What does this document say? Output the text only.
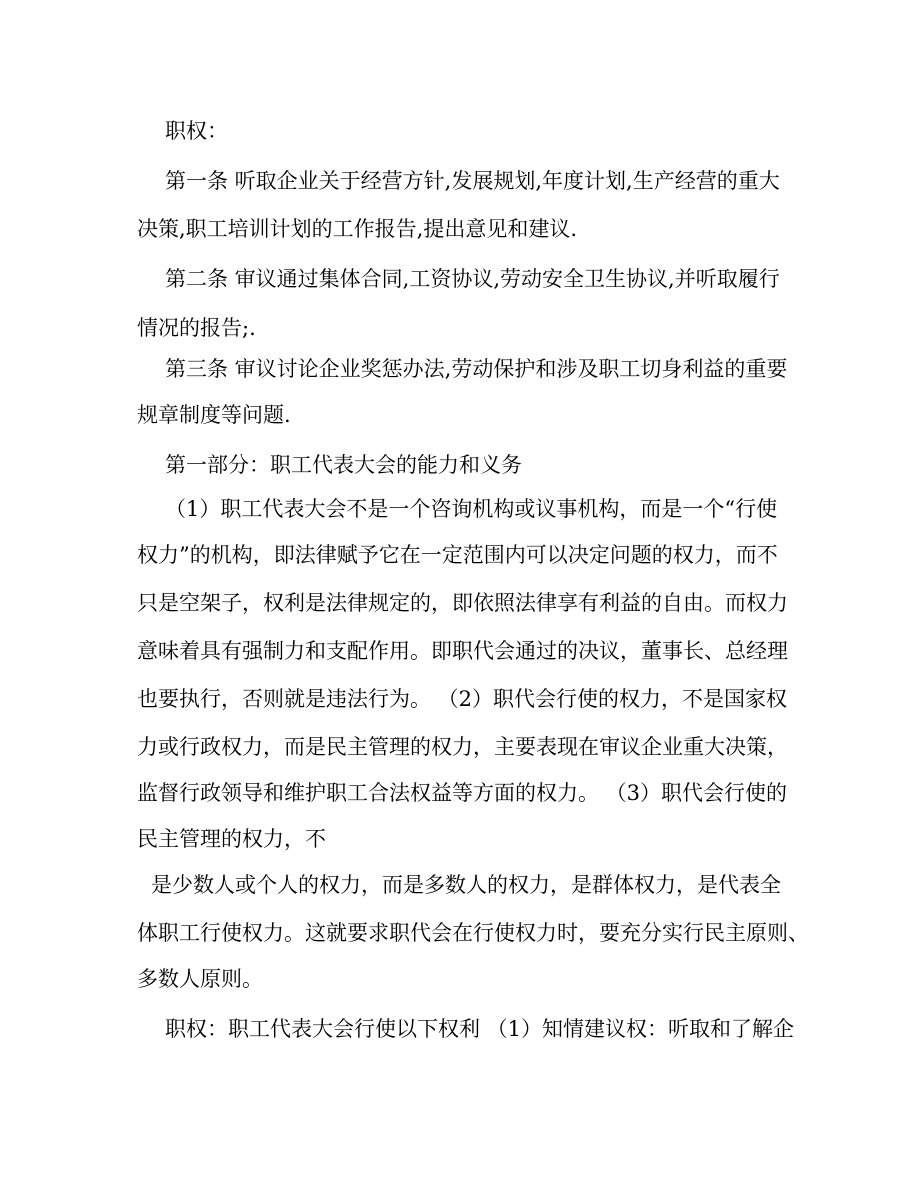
职权：
第一条 听取企业关于经营方针,发展规划,年度计划,生产经营的重大
决策,职工培训计划的工作报告,提出意见和建议.
第二条 审议通过集体合同,工资协议,劳动安全卫生协议,并听取履行
情况的报告;.
第三条 审议讨论企业奖惩办法,劳动保护和涉及职工切身利益的重要
规章制度等问题.
第一部分：职工代表大会的能力和义务
（1）职工代表大会不是一个咨询机构或议事机构，而是一个“行使
权力”的机构，即法律赋予它在一定范围内可以决定问题的权力，而不
只是空架子，权利是法律规定的，即依照法律享有利益的自由。而权力
意味着具有强制力和支配作用。即职代会通过的决议，董事长、总经理
也要执行，否则就是违法行为。 （2）职代会行使的权力，不是国家权
力或行政权力，而是民主管理的权力，主要表现在审议企业重大决策，
监督行政领导和维护职工合法权益等方面的权力。 （3）职代会行使的
民主管理的权力，不
是少数人或个人的权力，而是多数人的权力，是群体权力，是代表全
体职工行使权力。这就要求职代会在行使权力时，要充分实行民主原则、
多数人原则。
职权：职工代表大会行使以下权利 （1）知情建议权：听取和了解企
